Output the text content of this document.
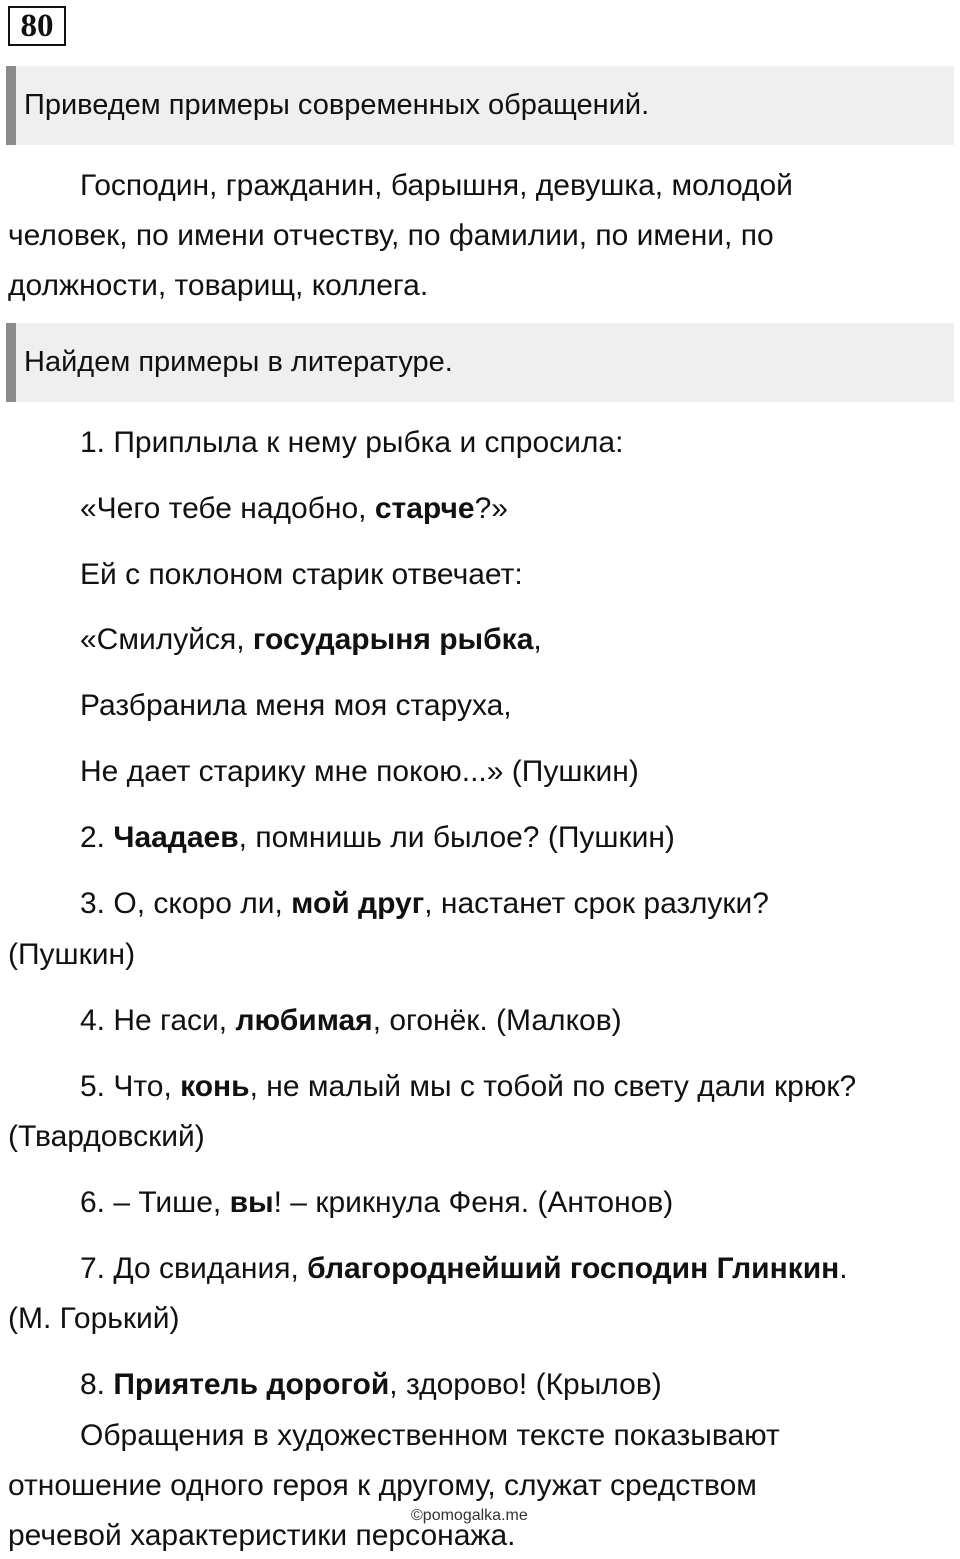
80
Приведем примеры современных обращений.
Господин, гражданин, барышня, девушка, молодой
человек, по имени отчеству, по фамилии, по имени, по
должности, товарищ, коллега.
Найдем примеры в литературе.
1. Приплыла к нему рыбка и спросила:
«Чего тебе надобно, старче?»
Ей с поклоном старик отвечает:
«Смилуйся, государыня рыбка,
Разбранила меня моя старуха,
Не дает старику мне покою...» (Пушкин)
2. Чаадаев, помнишь ли былое? (Пушкин)
3. О, скоро ли, мой друг, настанет срок разлуки?
(Пушкин)
4. Не гаси, любимая, огонёк. (Малков)
5. Что, конь, не малый мы с тобой по свету дали крюк?
(Твардовский)
6. – Тише, вы! – крикнула Феня. (Антонов)
7. До свидания, благороднейший господин Глинкин.
(М. Горький)
8. Приятель дорогой, здорово! (Крылов)
Обращения в художественном тексте показывают
отношение одного героя к другому, служат средством
речевой характеристики персонажа.
©pomogalka.me
